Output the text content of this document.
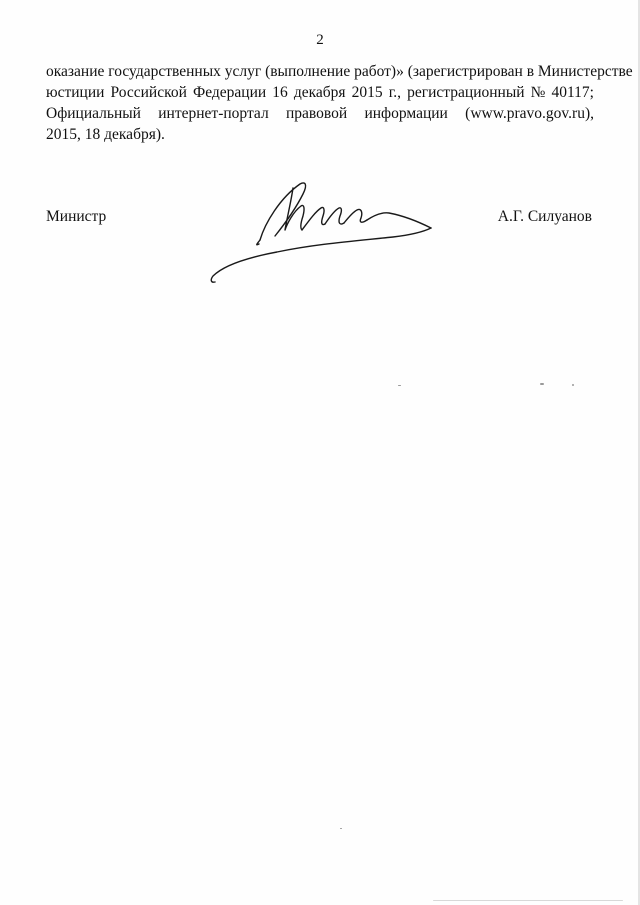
2
оказание государственных услуг (выполнение работ)» (зарегистрирован в Министерстве
юстиции Российской Федерации 16 декабря 2015 г., регистрационный № 40117;
Официальный интернет-портал правовой информации (www.pravo.gov.ru),
2015, 18 декабря).
Министр	А.Г. Силуанов
